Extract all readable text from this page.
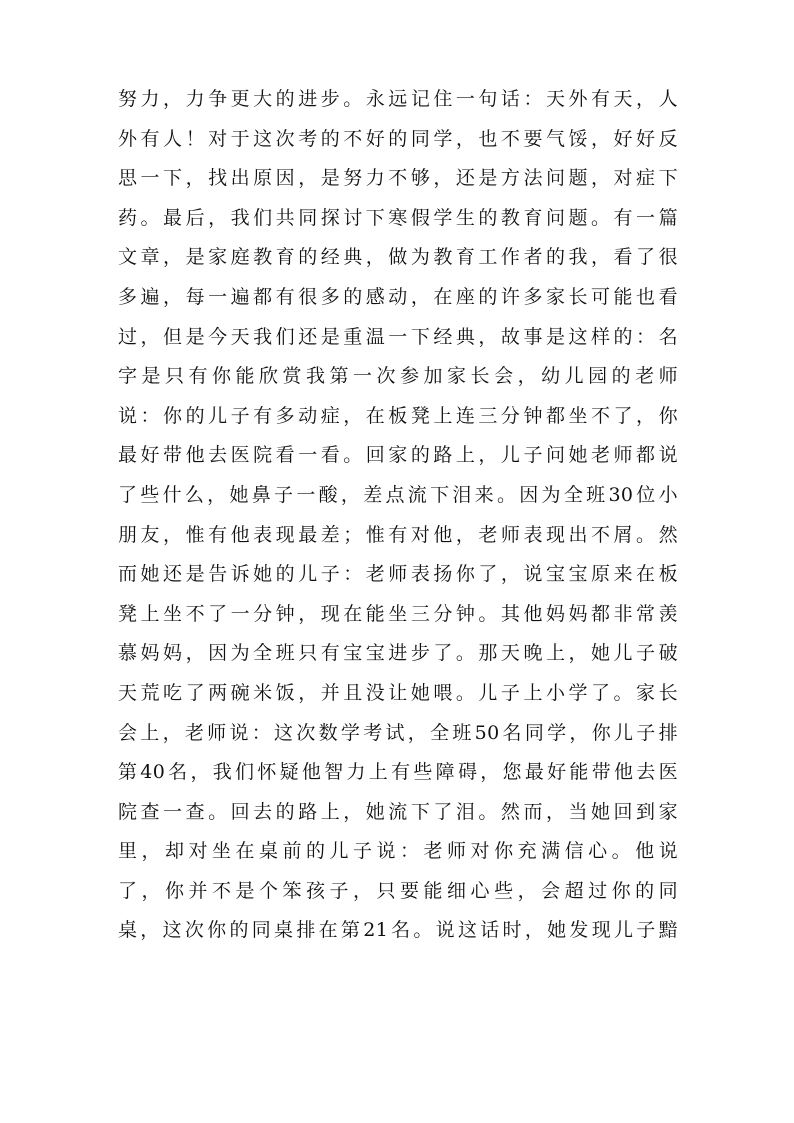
努力，力争更大的进步。永远记住一句话：天外有天，人
外有人！对于这次考的不好的同学，也不要气馁，好好反
思一下，找出原因，是努力不够，还是方法问题，对症下
药。最后，我们共同探讨下寒假学生的教育问题。有一篇
文章，是家庭教育的经典，做为教育工作者的我，看了很
多遍，每一遍都有很多的感动，在座的许多家长可能也看
过，但是今天我们还是重温一下经典，故事是这样的：名
字是只有你能欣赏我第一次参加家长会，幼儿园的老师
说：你的儿子有多动症，在板凳上连三分钟都坐不了，你
最好带他去医院看一看。回家的路上，儿子问她老师都说
了些什么，她鼻子一酸，差点流下泪来。因为全班30位小
朋友，惟有他表现最差；惟有对他，老师表现出不屑。然
而她还是告诉她的儿子：老师表扬你了，说宝宝原来在板
凳上坐不了一分钟，现在能坐三分钟。其他妈妈都非常羡
慕妈妈，因为全班只有宝宝进步了。那天晚上，她儿子破
天荒吃了两碗米饭，并且没让她喂。儿子上小学了。家长
会上，老师说：这次数学考试，全班50名同学，你儿子排
第40名，我们怀疑他智力上有些障碍，您最好能带他去医
院查一查。回去的路上，她流下了泪。然而，当她回到家
里，却对坐在桌前的儿子说：老师对你充满信心。他说
了，你并不是个笨孩子，只要能细心些，会超过你的同
桌，这次你的同桌排在第21名。说这话时，她发现儿子黯
